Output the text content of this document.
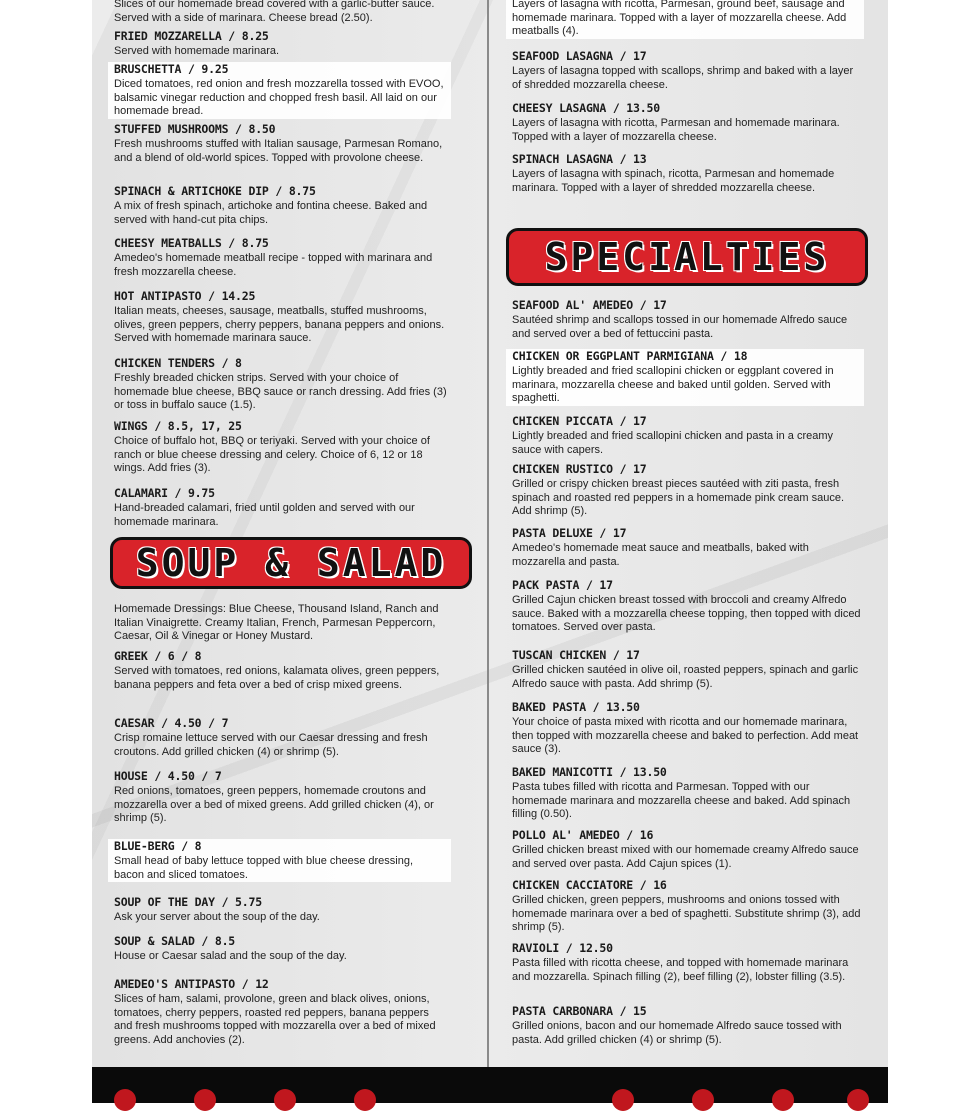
Slices of our homemade bread covered with a garlic-butter sauce. Served with a side of marinara. Cheese bread (2.50).
FRIED MOZZARELLA / 8.25
Served with homemade marinara.
BRUSCHETTA / 9.25
Diced tomatoes, red onion and fresh mozzarella tossed with EVOO, balsamic vinegar reduction and chopped fresh basil. All laid on our homemade bread.
STUFFED MUSHROOMS / 8.50
Fresh mushrooms stuffed with Italian sausage, Parmesan Romano, and a blend of old-world spices. Topped with provolone cheese.
SPINACH & ARTICHOKE DIP / 8.75
A mix of fresh spinach, artichoke and fontina cheese. Baked and served with hand-cut pita chips.
CHEESY MEATBALLS / 8.75
Amedeo's homemade meatball recipe - topped with marinara and fresh mozzarella cheese.
HOT ANTIPASTO / 14.25
Italian meats, cheeses, sausage, meatballs, stuffed mushrooms, olives, green peppers, cherry peppers, banana peppers and onions. Served with homemade marinara sauce.
CHICKEN TENDERS / 8
Freshly breaded chicken strips. Served with your choice of homemade blue cheese, BBQ sauce or ranch dressing. Add fries (3) or toss in buffalo sauce (1.5).
WINGS / 8.5, 17, 25
Choice of buffalo hot, BBQ or teriyaki. Served with your choice of ranch or blue cheese dressing and celery. Choice of 6, 12 or 18 wings. Add fries (3).
CALAMARI / 9.75
Hand-breaded calamari, fried until golden and served with our homemade marinara.
SOUP & SALAD
Homemade Dressings: Blue Cheese, Thousand Island, Ranch and Italian Vinaigrette. Creamy Italian, French, Parmesan Peppercorn, Caesar, Oil & Vinegar or Honey Mustard.
GREEK / 6 / 8
Served with tomatoes, red onions, kalamata olives, green peppers, banana peppers and feta over a bed of crisp mixed greens.
CAESAR / 4.50 / 7
Crisp romaine lettuce served with our Caesar dressing and fresh croutons. Add grilled chicken (4) or shrimp (5).
HOUSE / 4.50 / 7
Red onions, tomatoes, green peppers, homemade croutons and mozzarella over a bed of mixed greens. Add grilled chicken (4), or shrimp (5).
BLUE-BERG / 8
Small head of baby lettuce topped with blue cheese dressing, bacon and sliced tomatoes.
SOUP OF THE DAY / 5.75
Ask your server about the soup of the day.
SOUP & SALAD / 8.5
House or Caesar salad and the soup of the day.
AMEDEO'S ANTIPASTO / 12
Slices of ham, salami, provolone, green and black olives, onions, tomatoes, cherry peppers, roasted red peppers, banana peppers and fresh mushrooms topped with mozzarella over a bed of mixed greens. Add anchovies (2).
Layers of lasagna with ricotta, Parmesan, ground beef, sausage and homemade marinara. Topped with a layer of mozzarella cheese. Add meatballs (4).
SEAFOOD LASAGNA / 17
Layers of lasagna topped with scallops, shrimp and baked with a layer of shredded mozzarella cheese.
CHEESY LASAGNA / 13.50
Layers of lasagna with ricotta, Parmesan and homemade marinara. Topped with a layer of mozzarella cheese.
SPINACH LASAGNA / 13
Layers of lasagna with spinach, ricotta, Parmesan and homemade marinara. Topped with a layer of shredded mozzarella cheese.
SPECIALTIES
SEAFOOD AL' AMEDEO / 17
Sautéed shrimp and scallops tossed in our homemade Alfredo sauce and served over a bed of fettuccini pasta.
CHICKEN OR EGGPLANT PARMIGIANA / 18
Lightly breaded and fried scallopini chicken or eggplant covered in marinara, mozzarella cheese and baked until golden. Served with spaghetti.
CHICKEN PICCATA / 17
Lightly breaded and fried scallopini chicken and pasta in a creamy sauce with capers.
CHICKEN RUSTICO / 17
Grilled or crispy chicken breast pieces sautéed with ziti pasta, fresh spinach and roasted red peppers in a homemade pink cream sauce. Add shrimp (5).
PASTA DELUXE / 17
Amedeo's homemade meat sauce and meatballs, baked with mozzarella and pasta.
PACK PASTA / 17
Grilled Cajun chicken breast tossed with broccoli and creamy Alfredo sauce. Baked with a mozzarella cheese topping, then topped with diced tomatoes. Served over pasta.
TUSCAN CHICKEN / 17
Grilled chicken sautéed in olive oil, roasted peppers, spinach and garlic Alfredo sauce with pasta. Add shrimp (5).
BAKED PASTA / 13.50
Your choice of pasta mixed with ricotta and our homemade marinara, then topped with mozzarella cheese and baked to perfection. Add meat sauce (3).
BAKED MANICOTTI / 13.50
Pasta tubes filled with ricotta and Parmesan. Topped with our homemade marinara and mozzarella cheese and baked. Add spinach filling (0.50).
POLLO AL' AMEDEO / 16
Grilled chicken breast mixed with our homemade creamy Alfredo sauce and served over pasta. Add Cajun spices (1).
CHICKEN CACCIATORE / 16
Grilled chicken, green peppers, mushrooms and onions tossed with homemade marinara over a bed of spaghetti. Substitute shrimp (3), add shrimp (5).
RAVIOLI / 12.50
Pasta filled with ricotta cheese, and topped with homemade marinara and mozzarella. Spinach filling (2), beef filling (2), lobster filling (3.5).
PASTA CARBONARA / 15
Grilled onions, bacon and our homemade Alfredo sauce tossed with pasta. Add grilled chicken (4) or shrimp (5).
